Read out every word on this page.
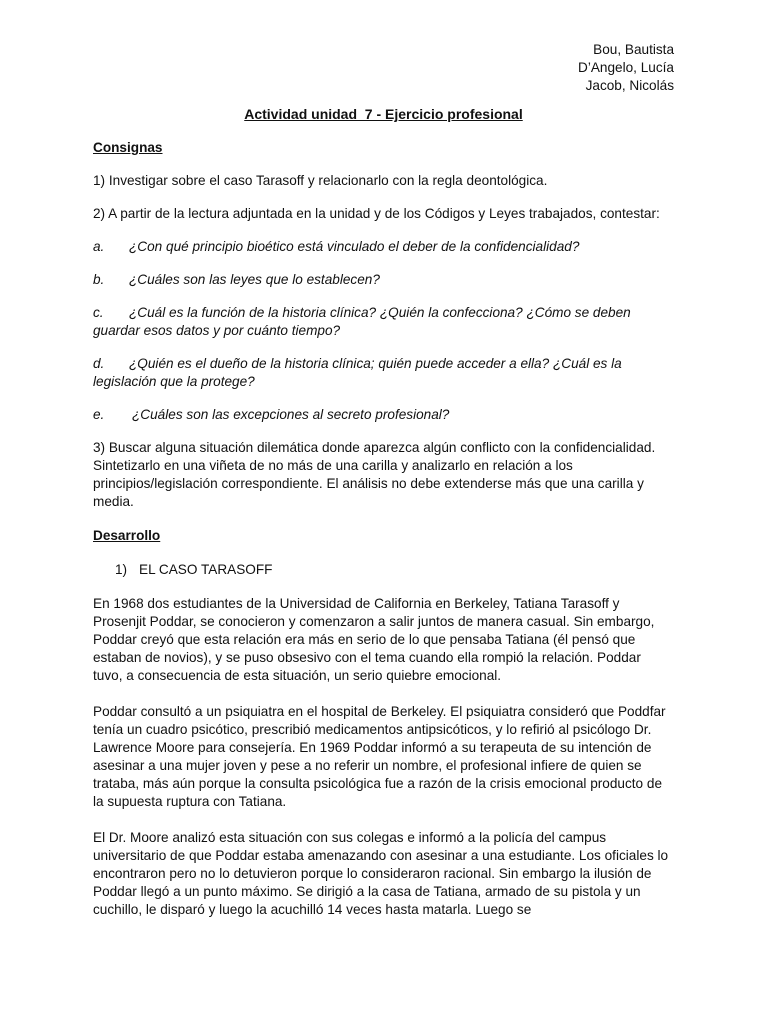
Bou, Bautista
D’Angelo, Lucía
Jacob, Nicolás
Actividad unidad  7 - Ejercicio profesional
Consignas

1) Investigar sobre el caso Tarasoff y relacionarlo con la regla deontológica.

2) A partir de la lectura adjuntada en la unidad y de los Códigos y Leyes trabajados, contestar:

a. ¿Con qué principio bioético está vinculado el deber de la confidencialidad?

b. ¿Cuáles son las leyes que lo establecen?

c. ¿Cuál es la función de la historia clínica? ¿Quién la confecciona? ¿Cómo se deben guardar esos datos y por cuánto tiempo?

d. ¿Quién es el dueño de la historia clínica; quién puede acceder a ella? ¿Cuál es la legislación que la protege?

e. ¿Cuáles son las excepciones al secreto profesional?

3) Buscar alguna situación dilemática donde aparezca algún conflicto con la confidencialidad. Sintetizarlo en una viñeta de no más de una carilla y analizarlo en relación a los principios/legislación correspondiente. El análisis no debe extenderse más que una carilla y media.

Desarrollo
1) EL CASO TARASOFF

En 1968 dos estudiantes de la Universidad de California en Berkeley, Tatiana Tarasoff y Prosenjit Poddar, se conocieron y comenzaron a salir juntos de manera casual. Sin embargo, Poddar creyó que esta relación era más en serio de lo que pensaba Tatiana (él pensó que estaban de novios), y se puso obsesivo con el tema cuando ella rompió la relación. Poddar tuvo, a consecuencia de esta situación, un serio quiebre emocional.

Poddar consultó a un psiquiatra en el hospital de Berkeley. El psiquiatra consideró que Poddfar tenía un cuadro psicótico, prescribió medicamentos antipsicóticos, y lo refirió al psicólogo Dr. Lawrence Moore para consejería. En 1969 Poddar informó a su terapeuta de su intención de asesinar a una mujer joven y pese a no referir un nombre, el profesional infiere de quien se trataba, más aún porque la consulta psicológica fue a razón de la crisis emocional producto de la supuesta ruptura con Tatiana.

El Dr. Moore analizó esta situación con sus colegas e informó a la policía del campus universitario de que Poddar estaba amenazando con asesinar a una estudiante. Los oficiales lo encontraron pero no lo detuvieron porque lo consideraron racional. Sin embargo la ilusión de Poddar llegó a un punto máximo. Se dirigió a la casa de Tatiana, armado de su pistola y un cuchillo, le disparó y luego la acuchilló 14 veces hasta matarla. Luego se
